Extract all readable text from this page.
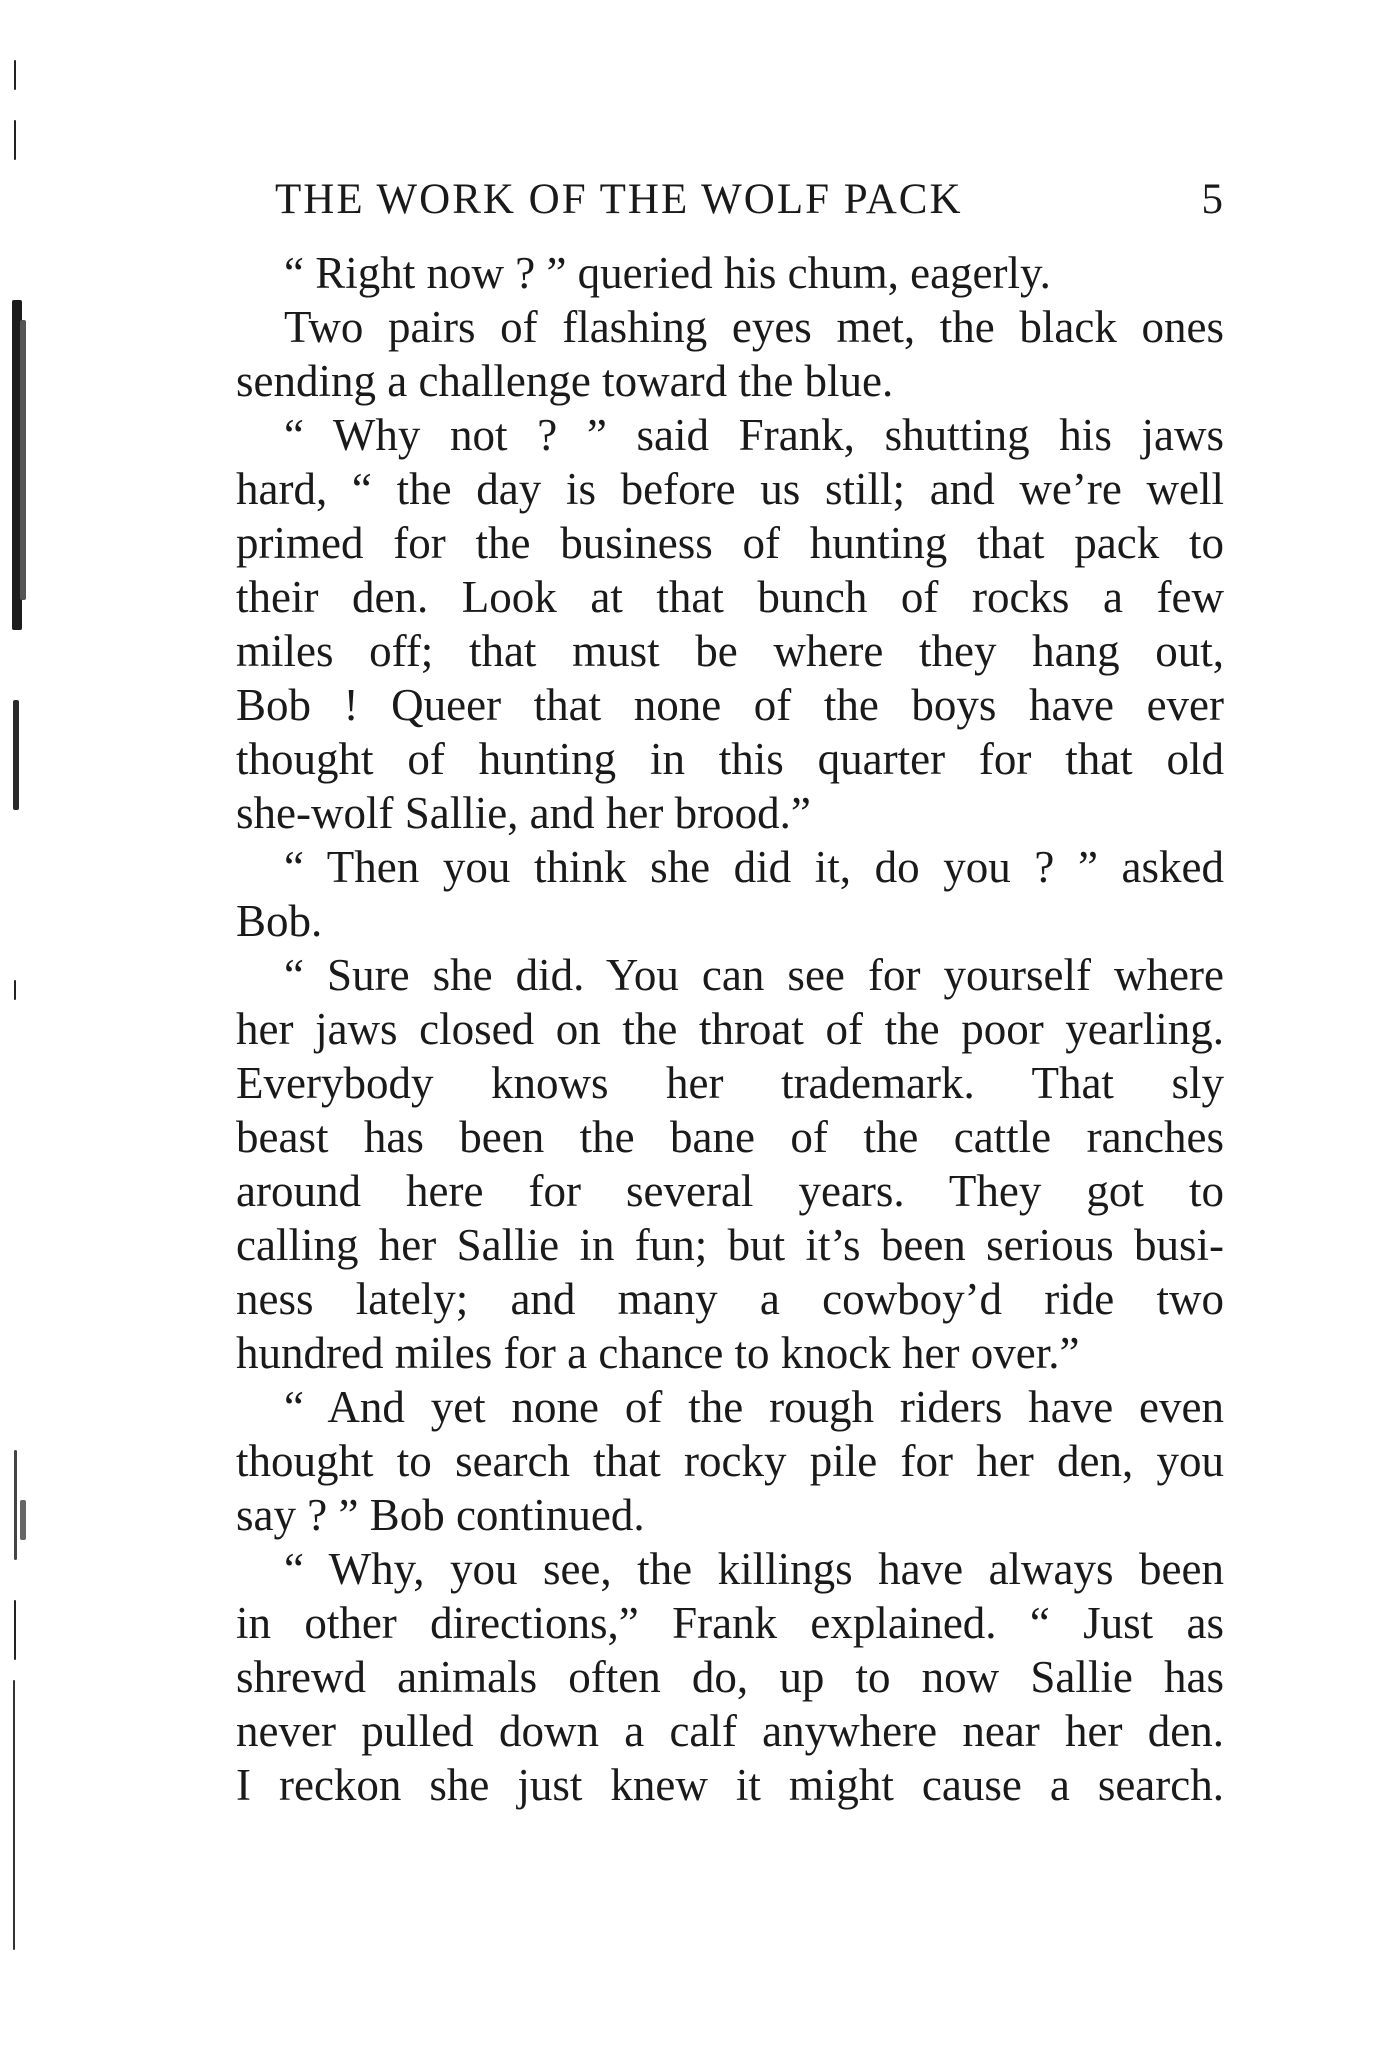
THE WORK OF THE WOLF PACK	5
“ Right now ? ” queried his chum, eagerly.
Two pairs of flashing eyes met, the black ones
sending a challenge toward the blue.
“ Why not ? ” said Frank, shutting his jaws
hard, “ the day is before us still; and we’re well
primed for the business of hunting that pack to
their den. Look at that bunch of rocks a few
miles off; that must be where they hang out,
Bob ! Queer that none of the boys have ever
thought of hunting in this quarter for that old
she-wolf Sallie, and her brood.”
“ Then you think she did it, do you ? ” asked
Bob.
“ Sure she did. You can see for yourself where
her jaws closed on the throat of the poor yearling.
Everybody knows her trademark. That sly
beast has been the bane of the cattle ranches
around here for several years. They got to
calling her Sallie in fun; but it’s been serious busi-
ness lately; and many a cowboy’d ride two
hundred miles for a chance to knock her over.”
“ And yet none of the rough riders have even
thought to search that rocky pile for her den, you
say ? ” Bob continued.
“ Why, you see, the killings have always been
in other directions,” Frank explained. “ Just as
shrewd animals often do, up to now Sallie has
never pulled down a calf anywhere near her den.
I reckon she just knew it might cause a search.
